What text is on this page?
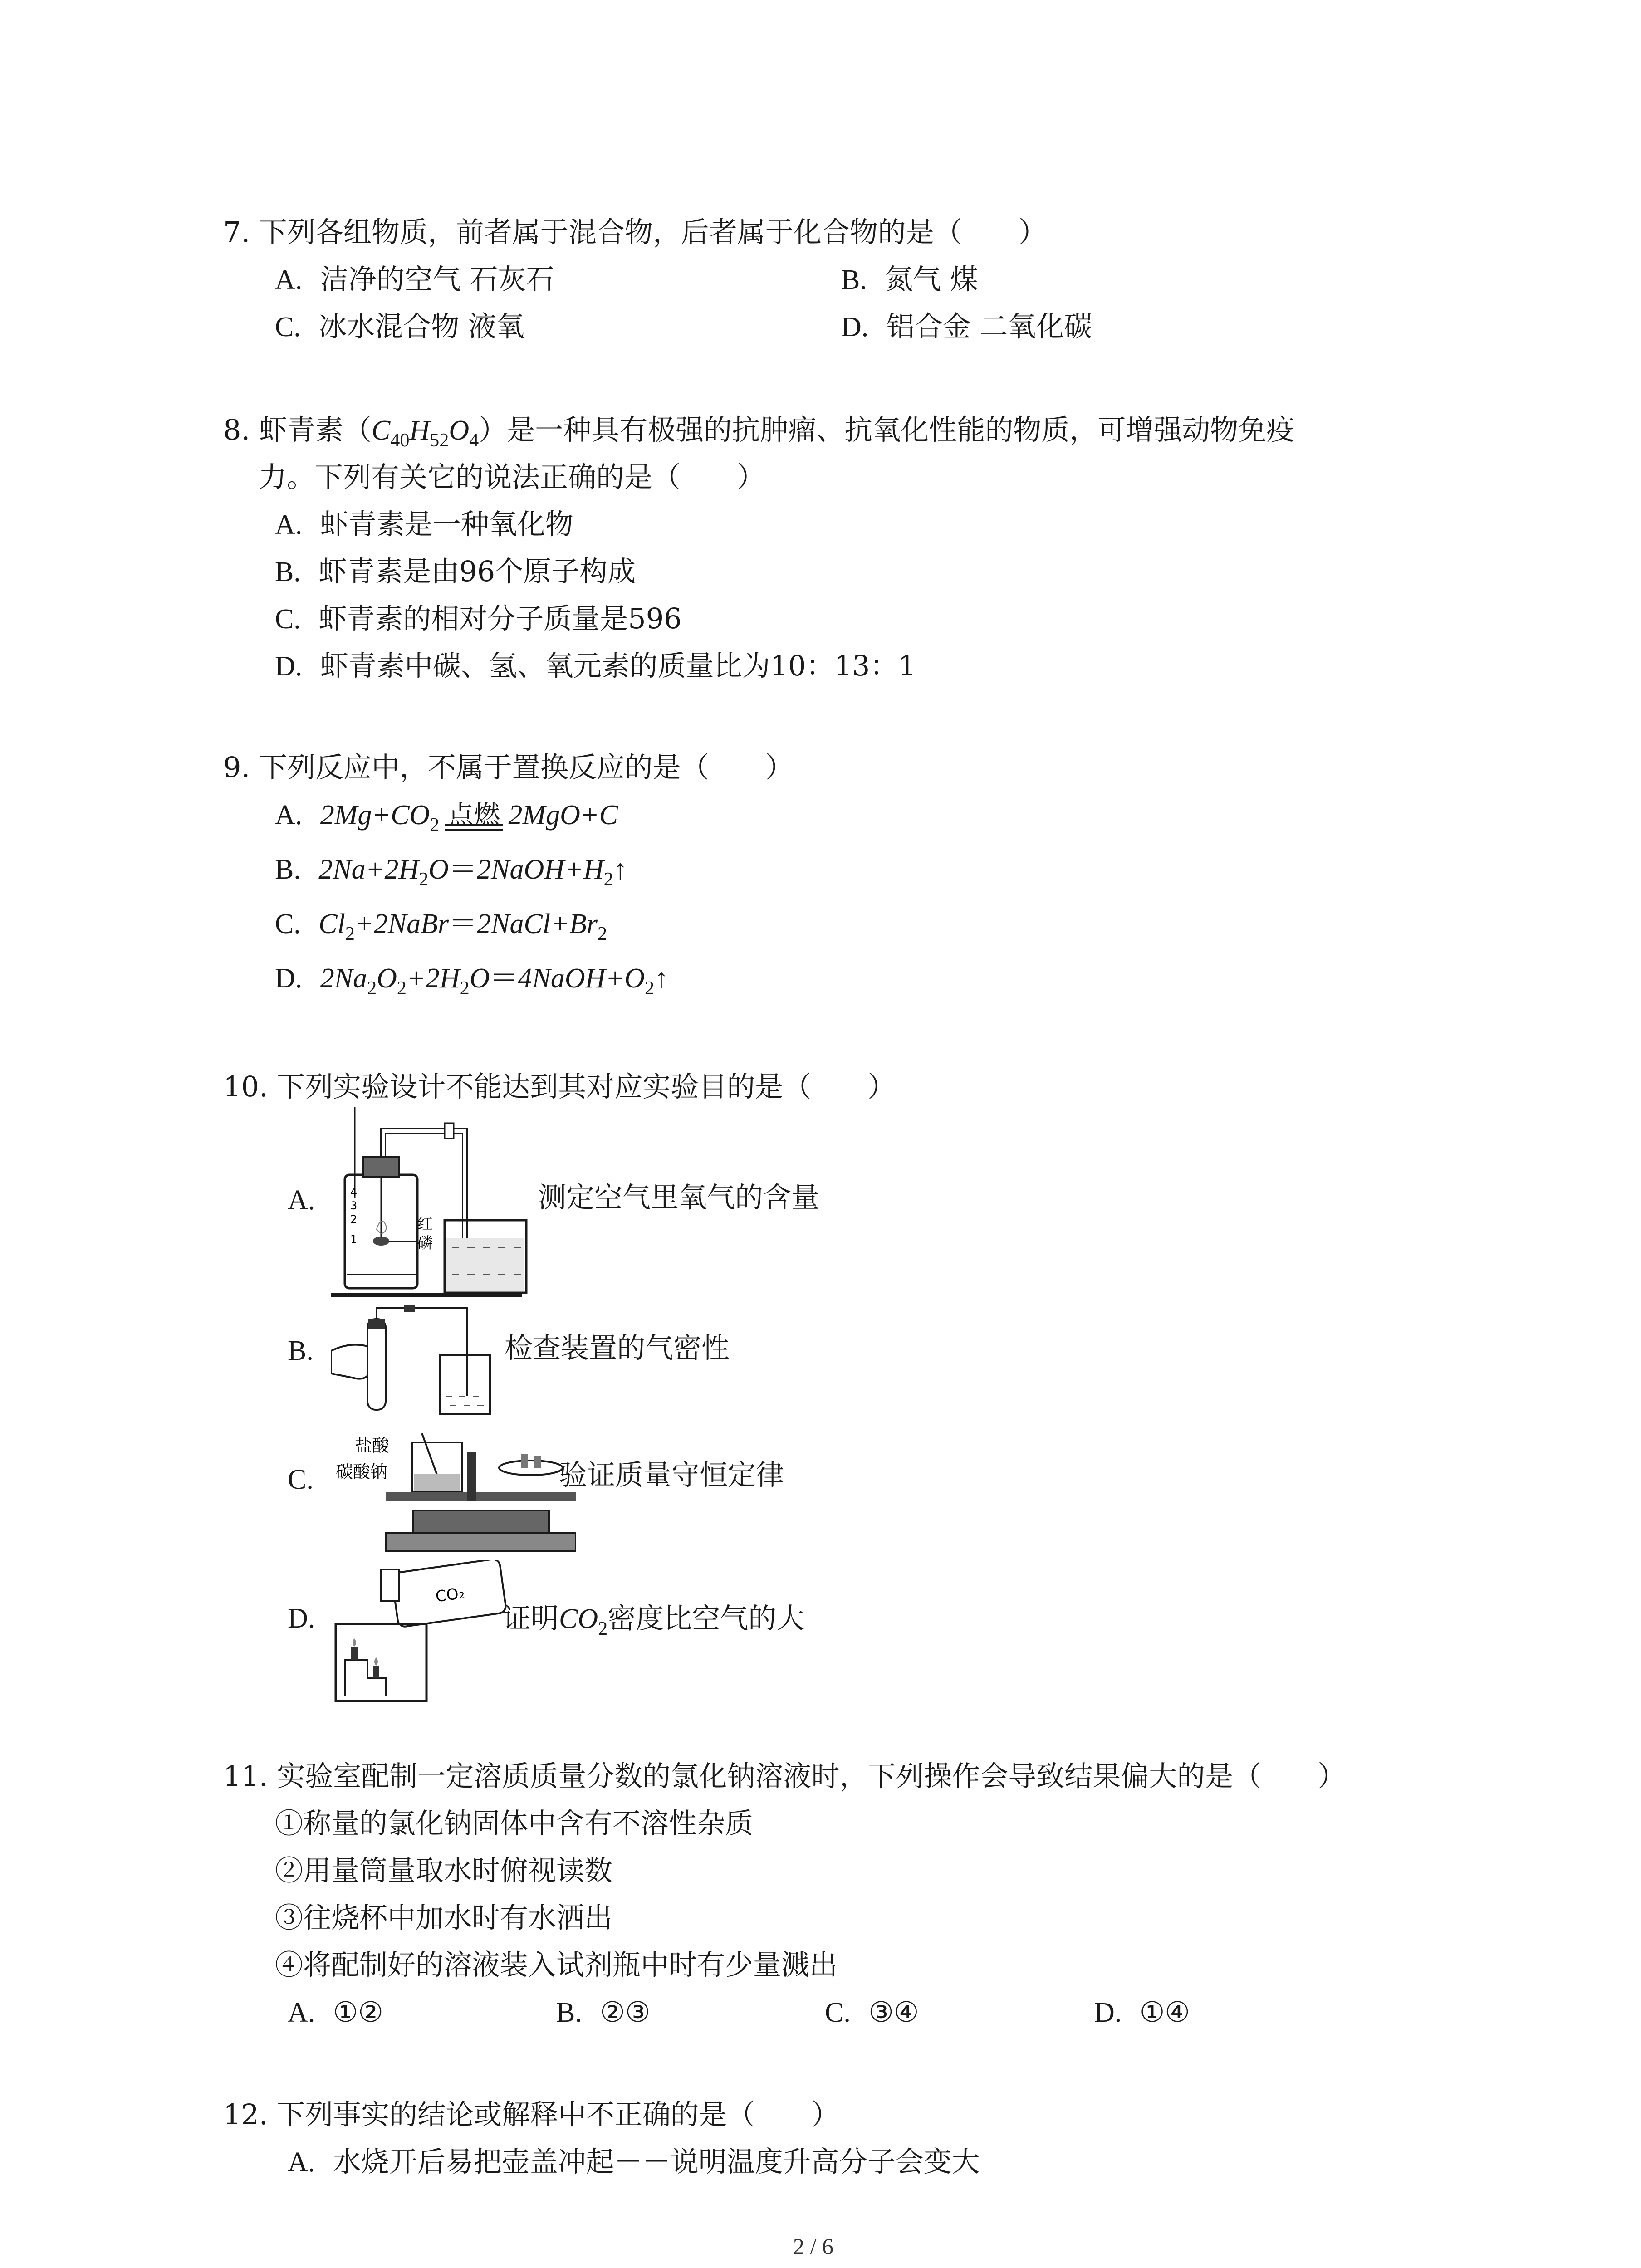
7. 下列各组物质，前者属于混合物，后者属于化合物的是（　　）
A. 洁净的空气 石灰石	B. 氮气 煤
C. 冰水混合物 液氧	D. 铝合金 二氧化碳
8. 虾青素$(C_{40}H_{52}O_4)$是一种具有极强的抗肿瘤、抗氧化性能的物质，可增强动物免疫
力。下列有关它的说法正确的是（　　）
A. 虾青素是一种氧化物
B. 虾青素是由96个原子构成
C. 虾青素的相对分子质量是596
D. 虾青素中碳、氢、氧元素的质量比为10：13：1
9. 下列反应中，不属于置换反应的是（　　）
A. $2Mg+CO_2$ 点燃 2MgO+C
B. $2Na+2H_2O=2NaOH+H_2↑$
C. $Cl_2+2NaBr=2NaCl+Br_2$
D. $2Na_2O_2+2H_2O=4NaOH+O_2↑$
10. 下列实验设计不能达到其对应实验目的是（　　）
A.	4
3
2
1
红
磷
测定空气里氧气的含量
B.	检查装置的气密性
C.
盐酸
碳酸钠	验证质量守恒定律
D.
CO₂
证明$CO_2$密度比空气的大
11. 实验室配制一定溶质质量分数的氯化钠溶液时，下列操作会导致结果偏大的是（　　）
①称量的氯化钠固体中含有不溶性杂质
②用量筒量取水时俯视读数
③往烧杯中加水时有水洒出
④将配制好的溶液装入试剂瓶中时有少量溅出
A. ①②	B. ②③	C. ③④	D. ①④
12. 下列事实的结论或解释中不正确的是（　　）
A. 水烧开后易把壶盖冲起－－说明温度升高分子会变大
2 / 6
